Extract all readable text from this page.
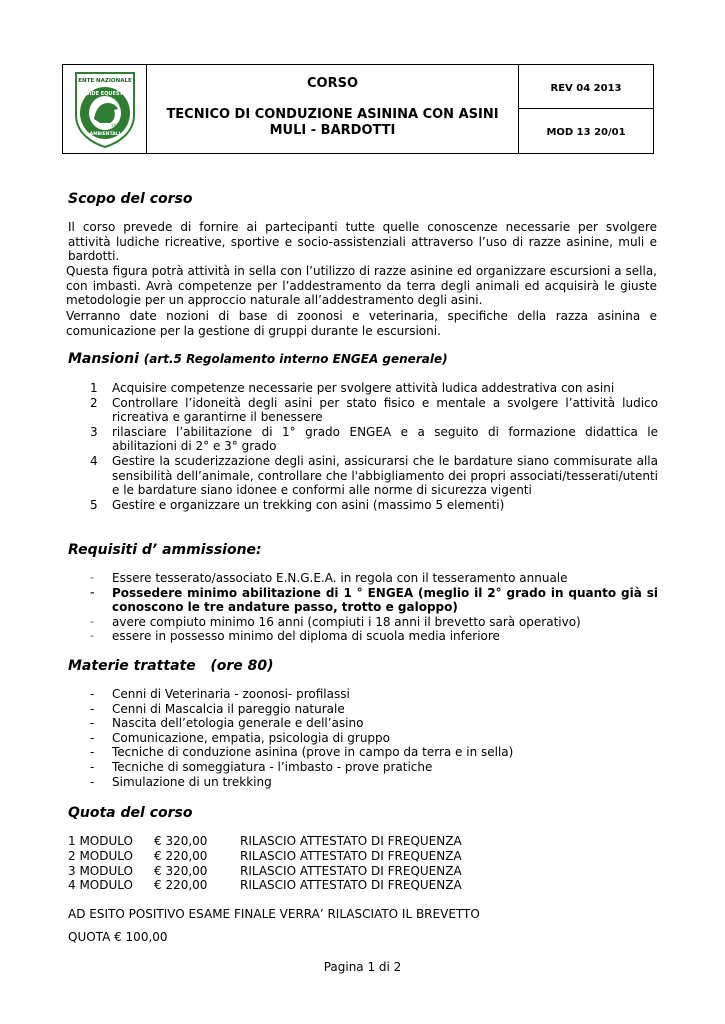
ENTE NAZIONALE
GUIDE EQUESTRI
AMBIENTALI
1977
CORSO
TECNICO DI CONDUZIONE ASININA CON ASINI
MULI - BARDOTTI
REV 04 2013
MOD 13 20/01
Scopo del corso
Il corso prevede di fornire ai partecipanti tutte quelle conoscenze necessarie per svolgere
attività ludiche ricreative, sportive e socio-assistenziali attraverso l’uso di razze asinine, muli e
bardotti.
Questa figura potrà attività in sella con l’utilizzo di razze asinine ed organizzare escursioni a sella, con imbasti. Avrà competenze per l’addestramento da terra degli animali ed acquisirà le giuste metodologie per un approccio naturale all’addestramento degli asini.
Verranno date nozioni di base di zoonosi e veterinaria, specifiche della razza asinina e comunicazione per la gestione di gruppi durante le escursioni.
Mansioni (art.5 Regolamento interno ENGEA generale)
1 Acquisire competenze necessarie per svolgere attività ludica addestrativa con asini
2 Controllare l’idoneità degli asini per stato fisico e mentale a svolgere l’attività ludico ricreativa e garantirne il benessere
3 rilasciare l’abilitazione di 1° grado ENGEA e a seguito di formazione didattica le abilitazioni di 2° e 3° grado
4 Gestire la scuderizzazione degli asini, assicurarsi che le bardature siano commisurate alla sensibilità dell’animale, controllare che l'abbigliamento dei propri associati/tesserati/utenti e le bardature siano idonee e conformi alle norme di sicurezza vigenti
5 Gestire e organizzare un trekking con asini (massimo 5 elementi)
Requisiti d’ ammissione:
- Essere tesserato/associato E.N.G.E.A. in regola con il tesseramento annuale
- Possedere minimo abilitazione di 1 ° ENGEA (meglio il 2° grado in quanto già si conoscono le tre andature passo, trotto e galoppo)
- avere compiuto minimo 16 anni (compiuti i 18 anni il brevetto sarà operativo)
- essere in possesso minimo del diploma di scuola media inferiore
Materie trattate   (ore 80)
- Cenni di Veterinaria - zoonosi- profilassi
- Cenni di Mascalcia il pareggio naturale
- Nascita dell’etologia generale e dell’asino
- Comunicazione, empatia, psicologia di gruppo
- Tecniche di conduzione asinina (prove in campo da terra e in sella)
- Tecniche di someggiatura - l’imbasto - prove pratiche
- Simulazione di un trekking
Quota del corso
1 MODULO	€ 320,00	RILASCIO ATTESTATO DI FREQUENZA
2 MODULO	€ 220,00	RILASCIO ATTESTATO DI FREQUENZA
3 MODULO	€ 320,00	RILASCIO ATTESTATO DI FREQUENZA
4 MODULO	€ 220,00	RILASCIO ATTESTATO DI FREQUENZA
AD ESITO POSITIVO ESAME FINALE VERRA’ RILASCIATO IL BREVETTO
QUOTA € 100,00
Pagina 1 di 2
